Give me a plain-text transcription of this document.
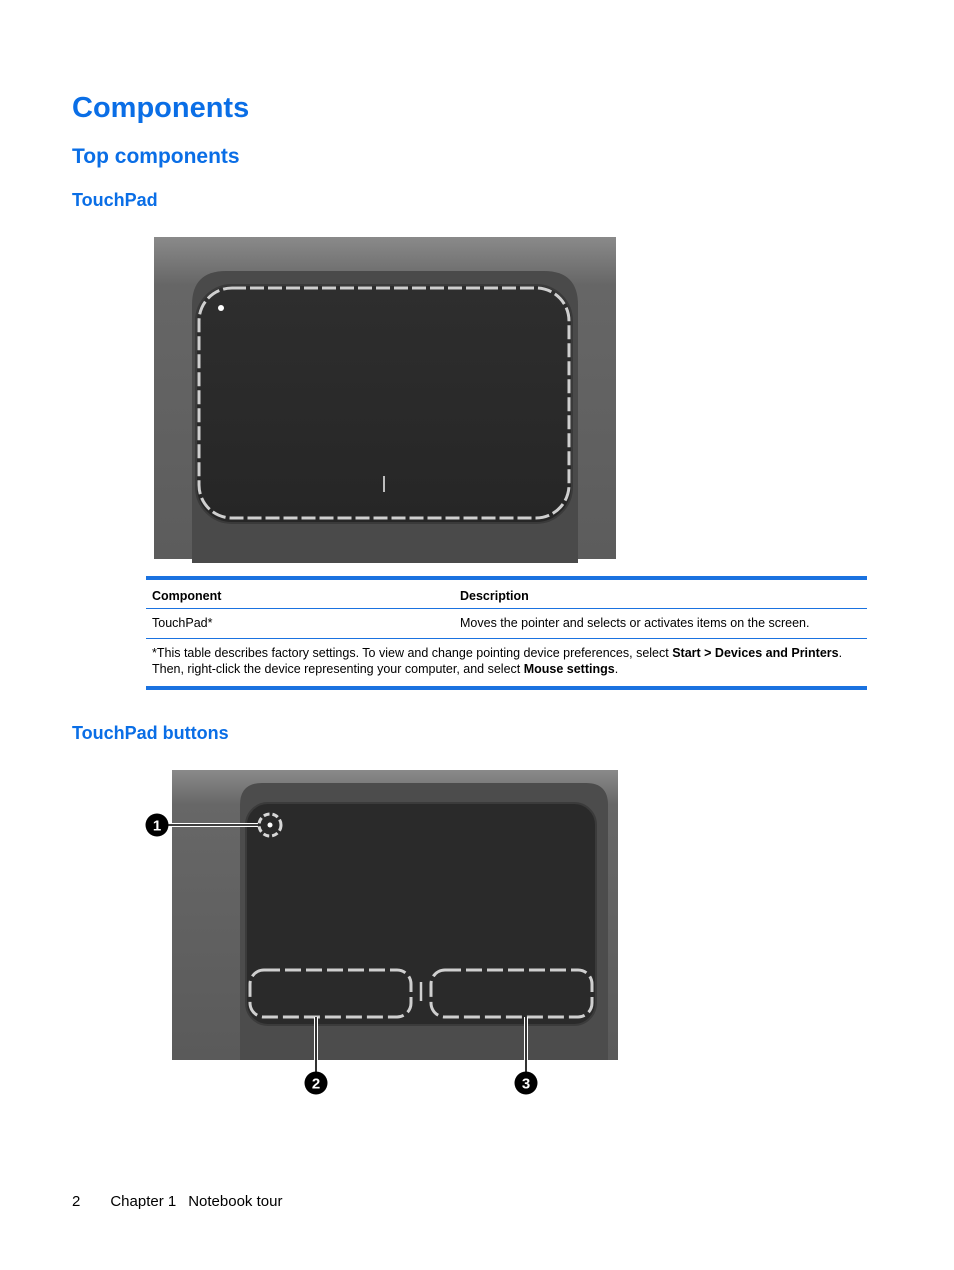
Components
Top components
TouchPad
Component	Description
TouchPad*	Moves the pointer and selects or activates items on the screen.
*This table describes factory settings. To view and change pointing device preferences, select Start > Devices and Printers. Then, right-click the device representing your computer, and select Mouse settings.	
TouchPad buttons
1
2	3
2 Chapter 1 Notebook tour
